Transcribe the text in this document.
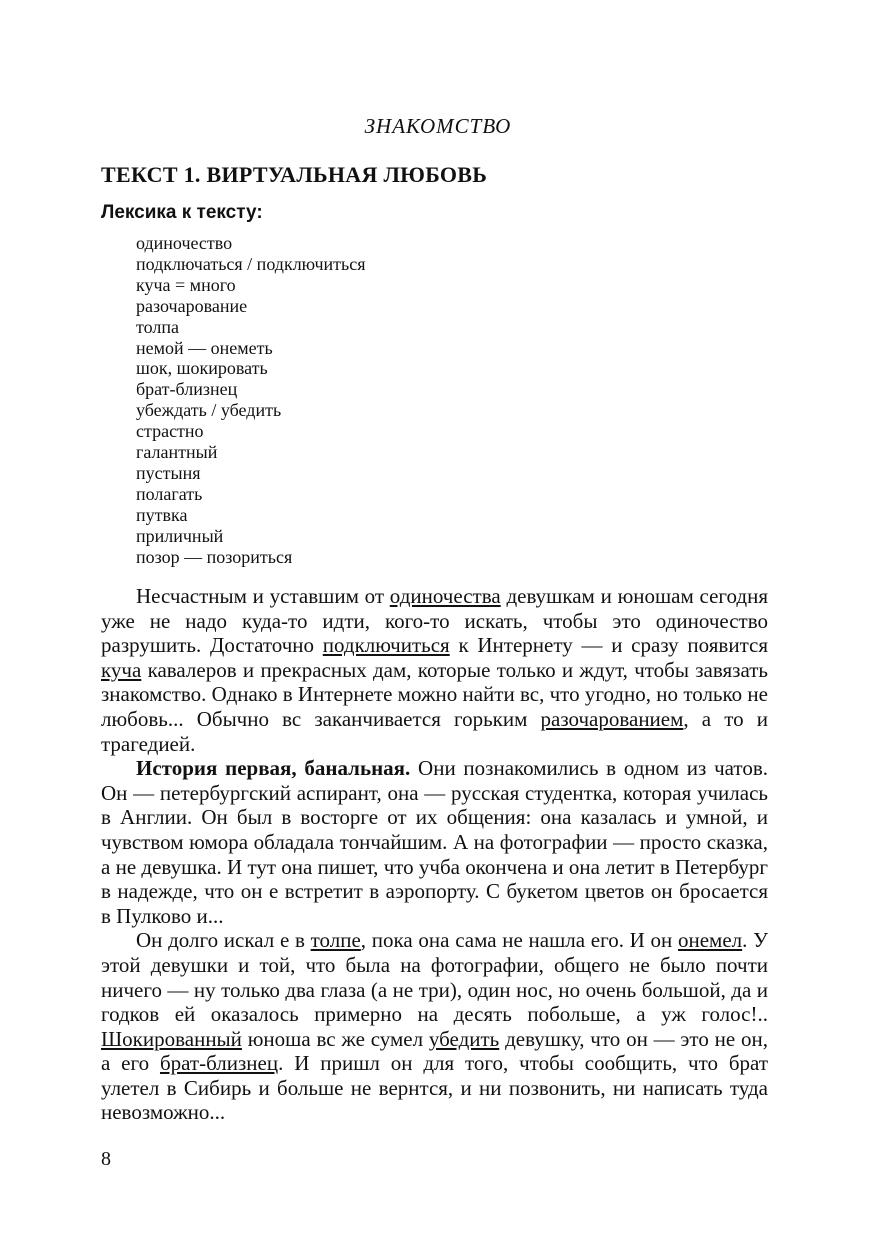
ЗНАКОМСТВО
ТЕКСТ 1. ВИРТУАЛЬНАЯ ЛЮБОВЬ
Лексика к тексту:
одиночество
подключаться / подключиться
куча = много
разочарование
толпа
немой — онеметь
шок, шокировать
брат-близнец
убеждать / убедить
страстно
галантный
пустыня
полагать
путвка
приличный
позор — позориться

Несчастным и уставшим от одиночества девушкам и юношам сегодня уже не надо куда-то идти, кого-то искать, чтобы это одиночество разрушить. Достаточно подключиться к Интернету — и сразу появится куча кавалеров и прекрасных дам, которые только и ждут, чтобы завязать знакомство. Однако в Интернете можно найти вс, что угодно, но только не любовь... Обычно вс заканчивается горьким разочарованием, а то и трагедией.

История первая, банальная. Они познакомились в одном из чатов. Он — петербургский аспирант, она — русская студентка, которая училась в Англии. Он был в восторге от их общения: она казалась и умной, и чувством юмора обладала тончайшим. А на фотографии — просто сказка, а не девушка. И тут она пишет, что учба окончена и она летит в Петербург в надежде, что он е встретит в аэропорту. С букетом цветов он бросается в Пулково и...

Он долго искал е в толпе, пока она сама не нашла его. И он онемел. У этой девушки и той, что была на фотографии, общего не было почти ничего — ну только два глаза (а не три), один нос, но очень большой, да и годков ей оказалось примерно на десять побольше, а уж голос!.. Шокированный юноша вс же сумел убедить девушку, что он — это не он, а его брат-близнец. И пришл он для того, чтобы сообщить, что брат улетел в Сибирь и больше не вернтся, и ни позвонить, ни написать туда невозможно...

8
